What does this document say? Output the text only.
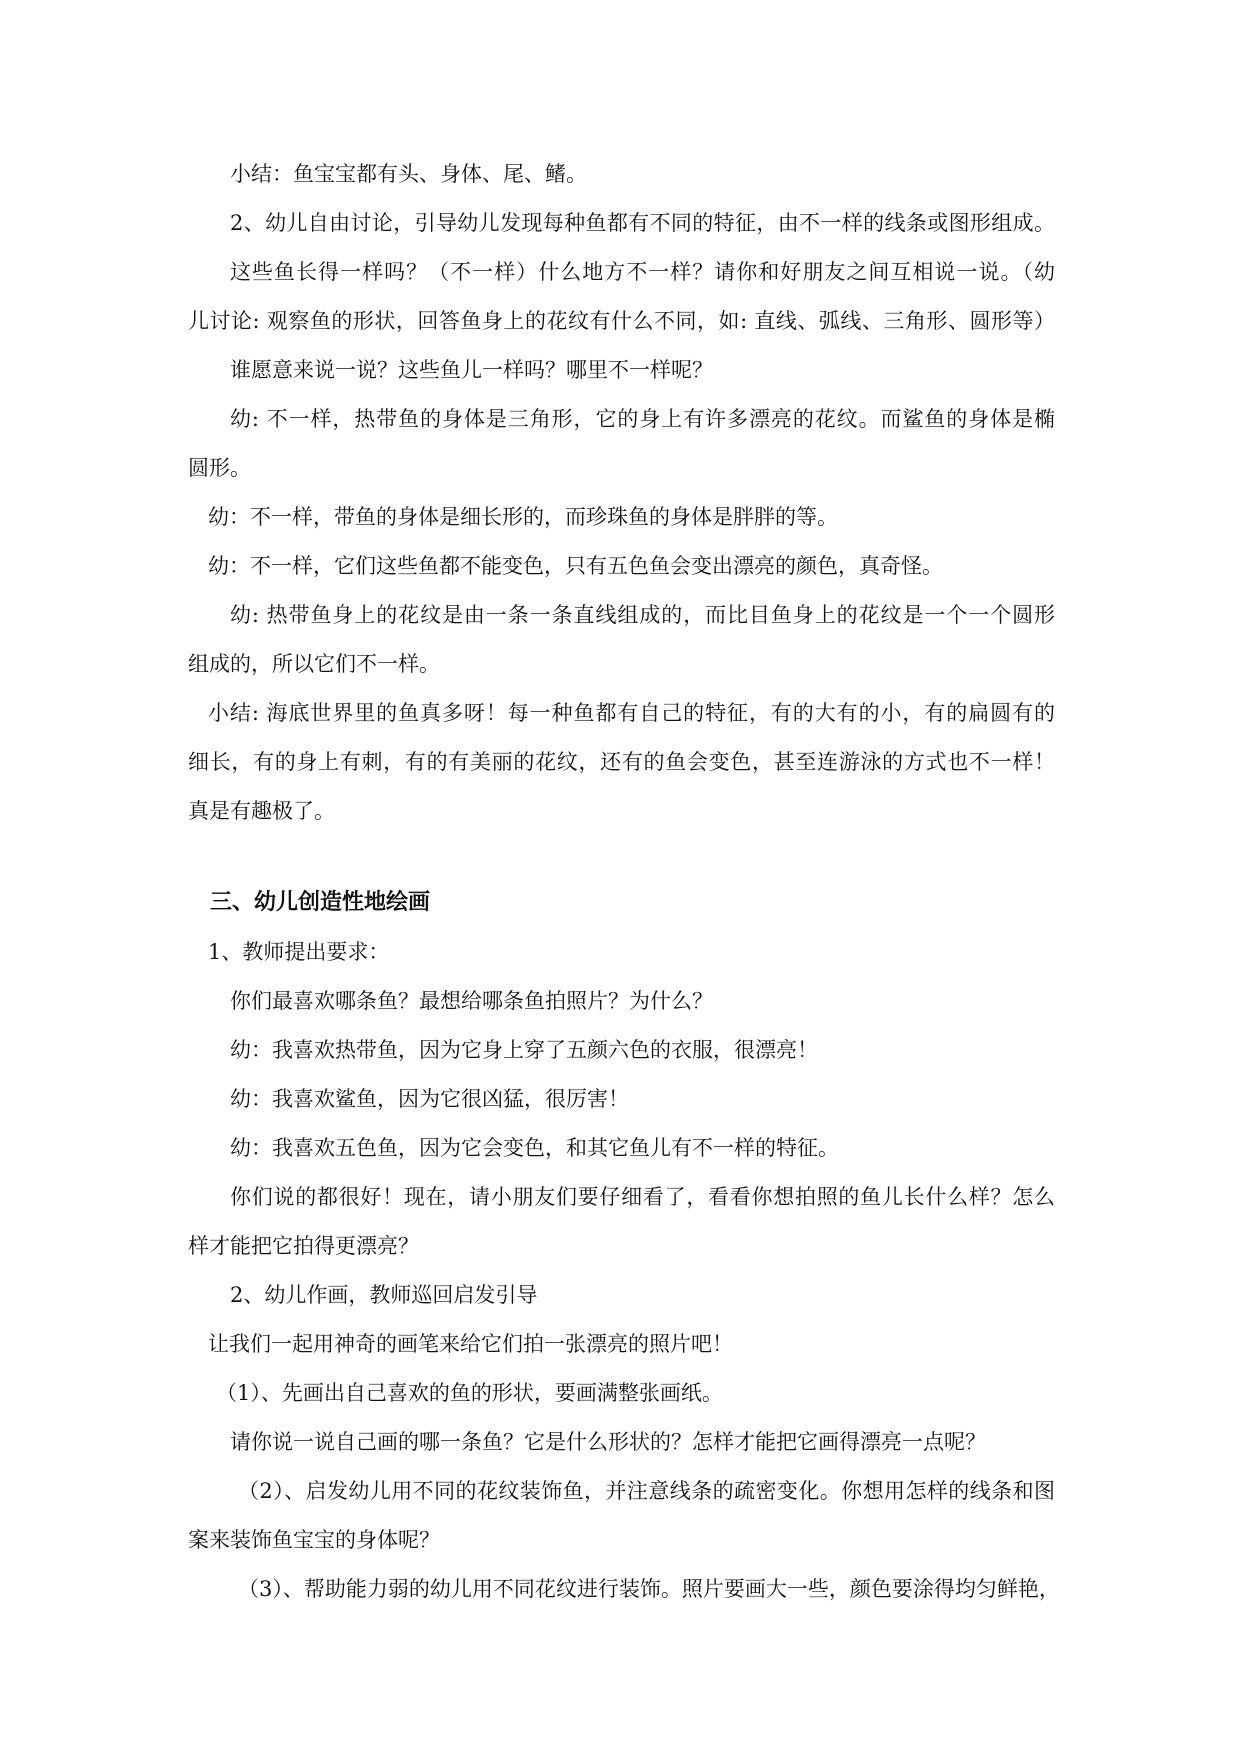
小结：鱼宝宝都有头、身体、尾、鳍。
2、幼儿自由讨论，引导幼儿发现每种鱼都有不同的特征，由不一样的线条或图形组成。
这些鱼长得一样吗？（不一样）什么地方不一样？请你和好朋友之间互相说一说。（幼
儿讨论: 观察鱼的形状，回答鱼身上的花纹有什么不同，如: 直线、弧线、三角形、圆形等）
谁愿意来说一说？这些鱼儿一样吗？哪里不一样呢？
幼: 不一样，热带鱼的身体是三角形，它的身上有许多漂亮的花纹。而鲨鱼的身体是椭
圆形。
幼：不一样，带鱼的身体是细长形的，而珍珠鱼的身体是胖胖的等。
幼：不一样，它们这些鱼都不能变色，只有五色鱼会变出漂亮的颜色，真奇怪。
幼: 热带鱼身上的花纹是由一条一条直线组成的，而比目鱼身上的花纹是一个一个圆形
组成的，所以它们不一样。
小结: 海底世界里的鱼真多呀！每一种鱼都有自己的特征，有的大有的小，有的扁圆有的
细长，有的身上有刺，有的有美丽的花纹，还有的鱼会变色，甚至连游泳的方式也不一样！
真是有趣极了。
三、幼儿创造性地绘画
1、教师提出要求：
你们最喜欢哪条鱼？最想给哪条鱼拍照片？为什么？
幼：我喜欢热带鱼，因为它身上穿了五颜六色的衣服，很漂亮！
幼：我喜欢鲨鱼，因为它很凶猛，很厉害！
幼：我喜欢五色鱼，因为它会变色，和其它鱼儿有不一样的特征。
你们说的都很好！现在，请小朋友们要仔细看了，看看你想拍照的鱼儿长什么样？怎么
样才能把它拍得更漂亮？
2、幼儿作画，教师巡回启发引导
让我们一起用神奇的画笔来给它们拍一张漂亮的照片吧！
（1）、先画出自己喜欢的鱼的形状，要画满整张画纸。
请你说一说自己画的哪一条鱼？它是什么形状的？怎样才能把它画得漂亮一点呢？
（2）、启发幼儿用不同的花纹装饰鱼，并注意线条的疏密变化。你想用怎样的线条和图
案来装饰鱼宝宝的身体呢？
（3）、帮助能力弱的幼儿用不同花纹进行装饰。照片要画大一些，颜色要涂得均匀鲜艳，
